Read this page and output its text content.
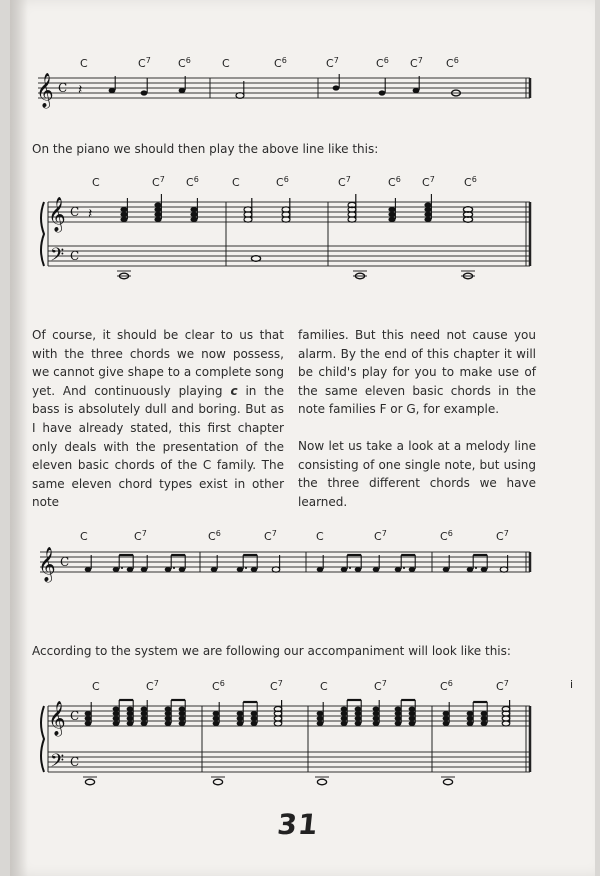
C	$C^7$ $C^6$	C	$C^6$	$C^7$	$C^6$ $C^7$ $C^6$
𝄞 C 𝄽

On the piano we should then play the above line like this:

C	$C^7$ $C^6$	C	$C^6$	$C^7$	$C^6$ $C^7$	$C^6$
𝄞
𝄢
C
C
𝄽

Of course, it should be clear to us that with the three chords we now possess, we cannot give shape to a complete song yet. And continuously playing c in the bass is absolutely dull and boring. But as I have already stated, this first chapter only deals with the presentation of the eleven basic chords of the C family. The same eleven chord types exist in other note

families. But this need not cause you alarm. By the end of this chapter it will be child's play for you to make use of the same eleven basic chords in the note families F or G, for example.

Now let us take a look at a melody line consisting of one single note, but using the three different chords we have learned.

C	$C^7$	$C^6$	$C^7$	C	$C^7$	$C^6$	$C^7$
𝄞 C

According to the system we are following our accompaniment will look like this:

C	$C^7$	$C^6$	$C^7$	C	$C^7$	$C^6$	$C^7$	i
𝄞
𝄢
C
C
31
